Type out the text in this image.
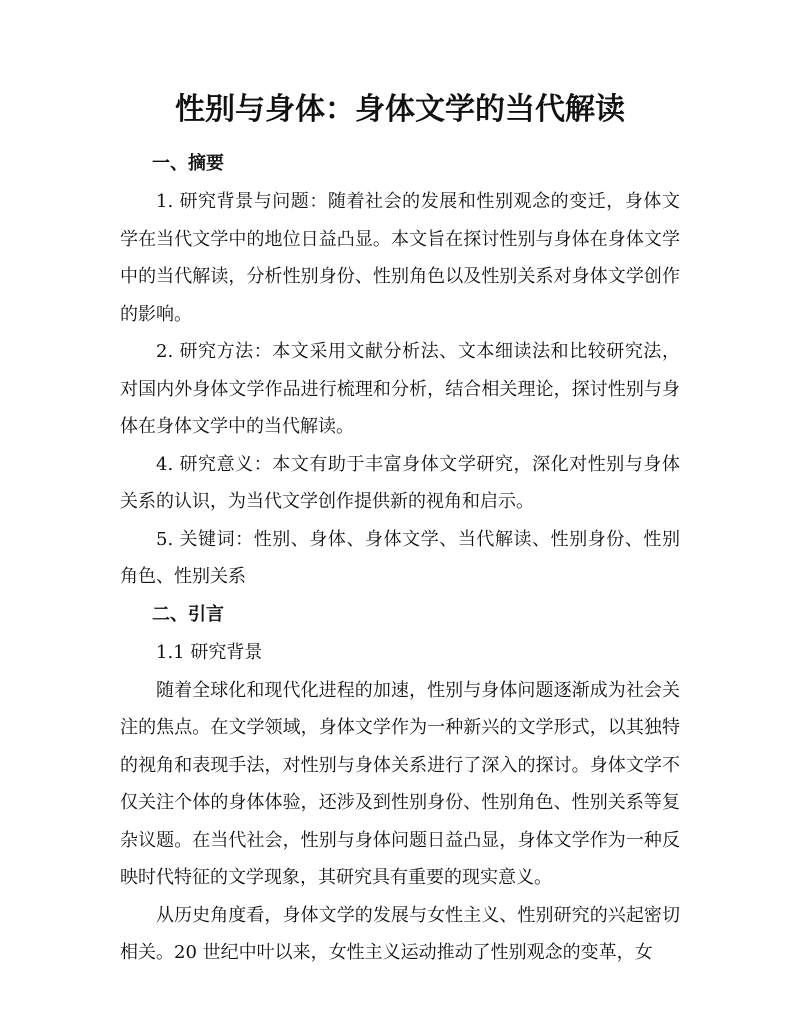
性别与身体：身体文学的当代解读
一、摘要

1. 研究背景与问题：随着社会的发展和性别观念的变迁，身体文学在当代文学中的地位日益凸显。本文旨在探讨性别与身体在身体文学中的当代解读，分析性别身份、性别角色以及性别关系对身体文学创作的影响。

2. 研究方法：本文采用文献分析法、文本细读法和比较研究法，对国内外身体文学作品进行梳理和分析，结合相关理论，探讨性别与身体在身体文学中的当代解读。

4. 研究意义：本文有助于丰富身体文学研究，深化对性别与身体关系的认识，为当代文学创作提供新的视角和启示。

5. 关键词：性别、身体、身体文学、当代解读、性别身份、性别角色、性别关系

二、引言
1.1 研究背景

随着全球化和现代化进程的加速，性别与身体问题逐渐成为社会关注的焦点。在文学领域，身体文学作为一种新兴的文学形式，以其独特的视角和表现手法，对性别与身体关系进行了深入的探讨。身体文学不仅关注个体的身体体验，还涉及到性别身份、性别角色、性别关系等复杂议题。在当代社会，性别与身体问题日益凸显，身体文学作为一种反映时代特征的文学现象，其研究具有重要的现实意义。

从历史角度看，身体文学的发展与女性主义、性别研究的兴起密切相关。20 世纪中叶以来，女性主义运动推动了性别观念的变革，女
